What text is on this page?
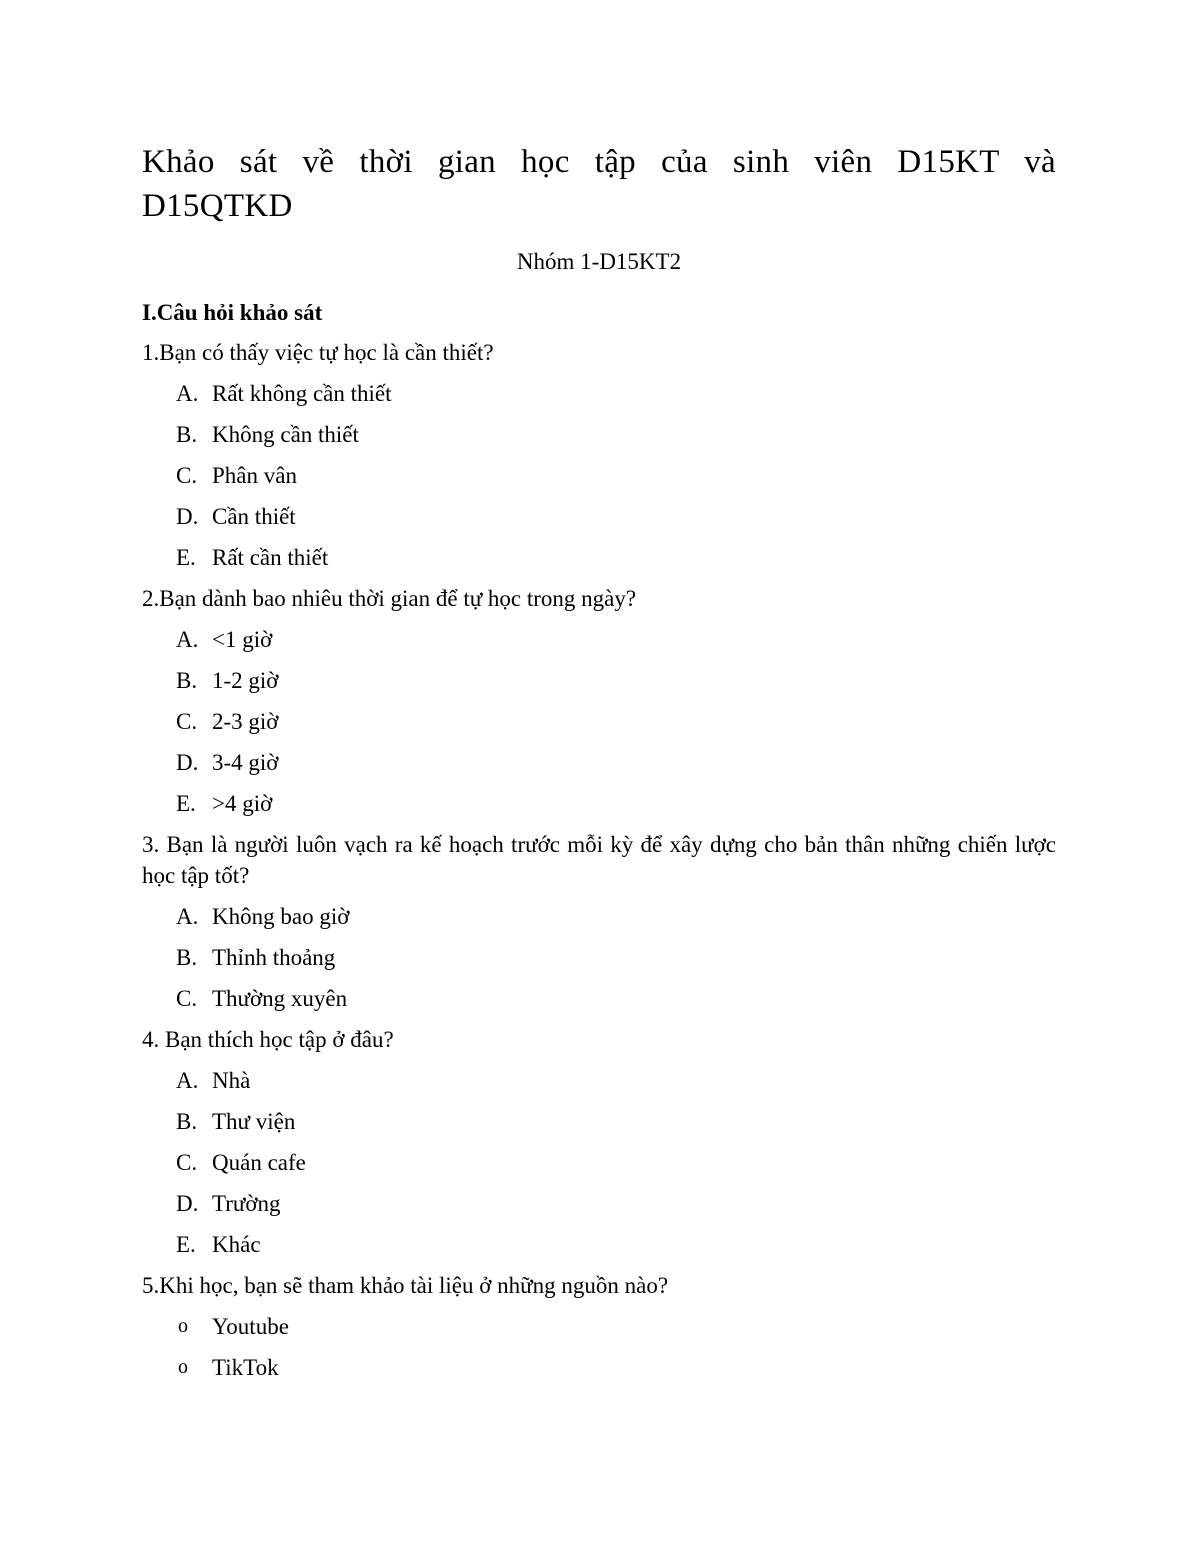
Khảo sát về thời gian học tập của sinh viên D15KT và D15QTKD
Nhóm 1-D15KT2
I.Câu hỏi khảo sát
1.Bạn có thấy việc tự học là cần thiết?
A. Rất không cần thiết
B. Không cần thiết
C. Phân vân
D. Cần thiết
E. Rất cần thiết
2.Bạn dành bao nhiêu thời gian để tự học trong ngày?
A. <1 giờ
B. 1-2 giờ
C. 2-3 giờ
D. 3-4 giờ
E. >4 giờ
3. Bạn là người luôn vạch ra kế hoạch trước mỗi kỳ để xây dựng cho bản thân những chiến lược học tập tốt?
A. Không bao giờ
B. Thỉnh thoảng
C. Thường xuyên
4. Bạn thích học tập ở đâu?
A. Nhà
B. Thư viện
C. Quán cafe
D. Trường
E. Khác
5.Khi học, bạn sẽ tham khảo tài liệu ở những nguồn nào?
o	Youtube
o	TikTok
